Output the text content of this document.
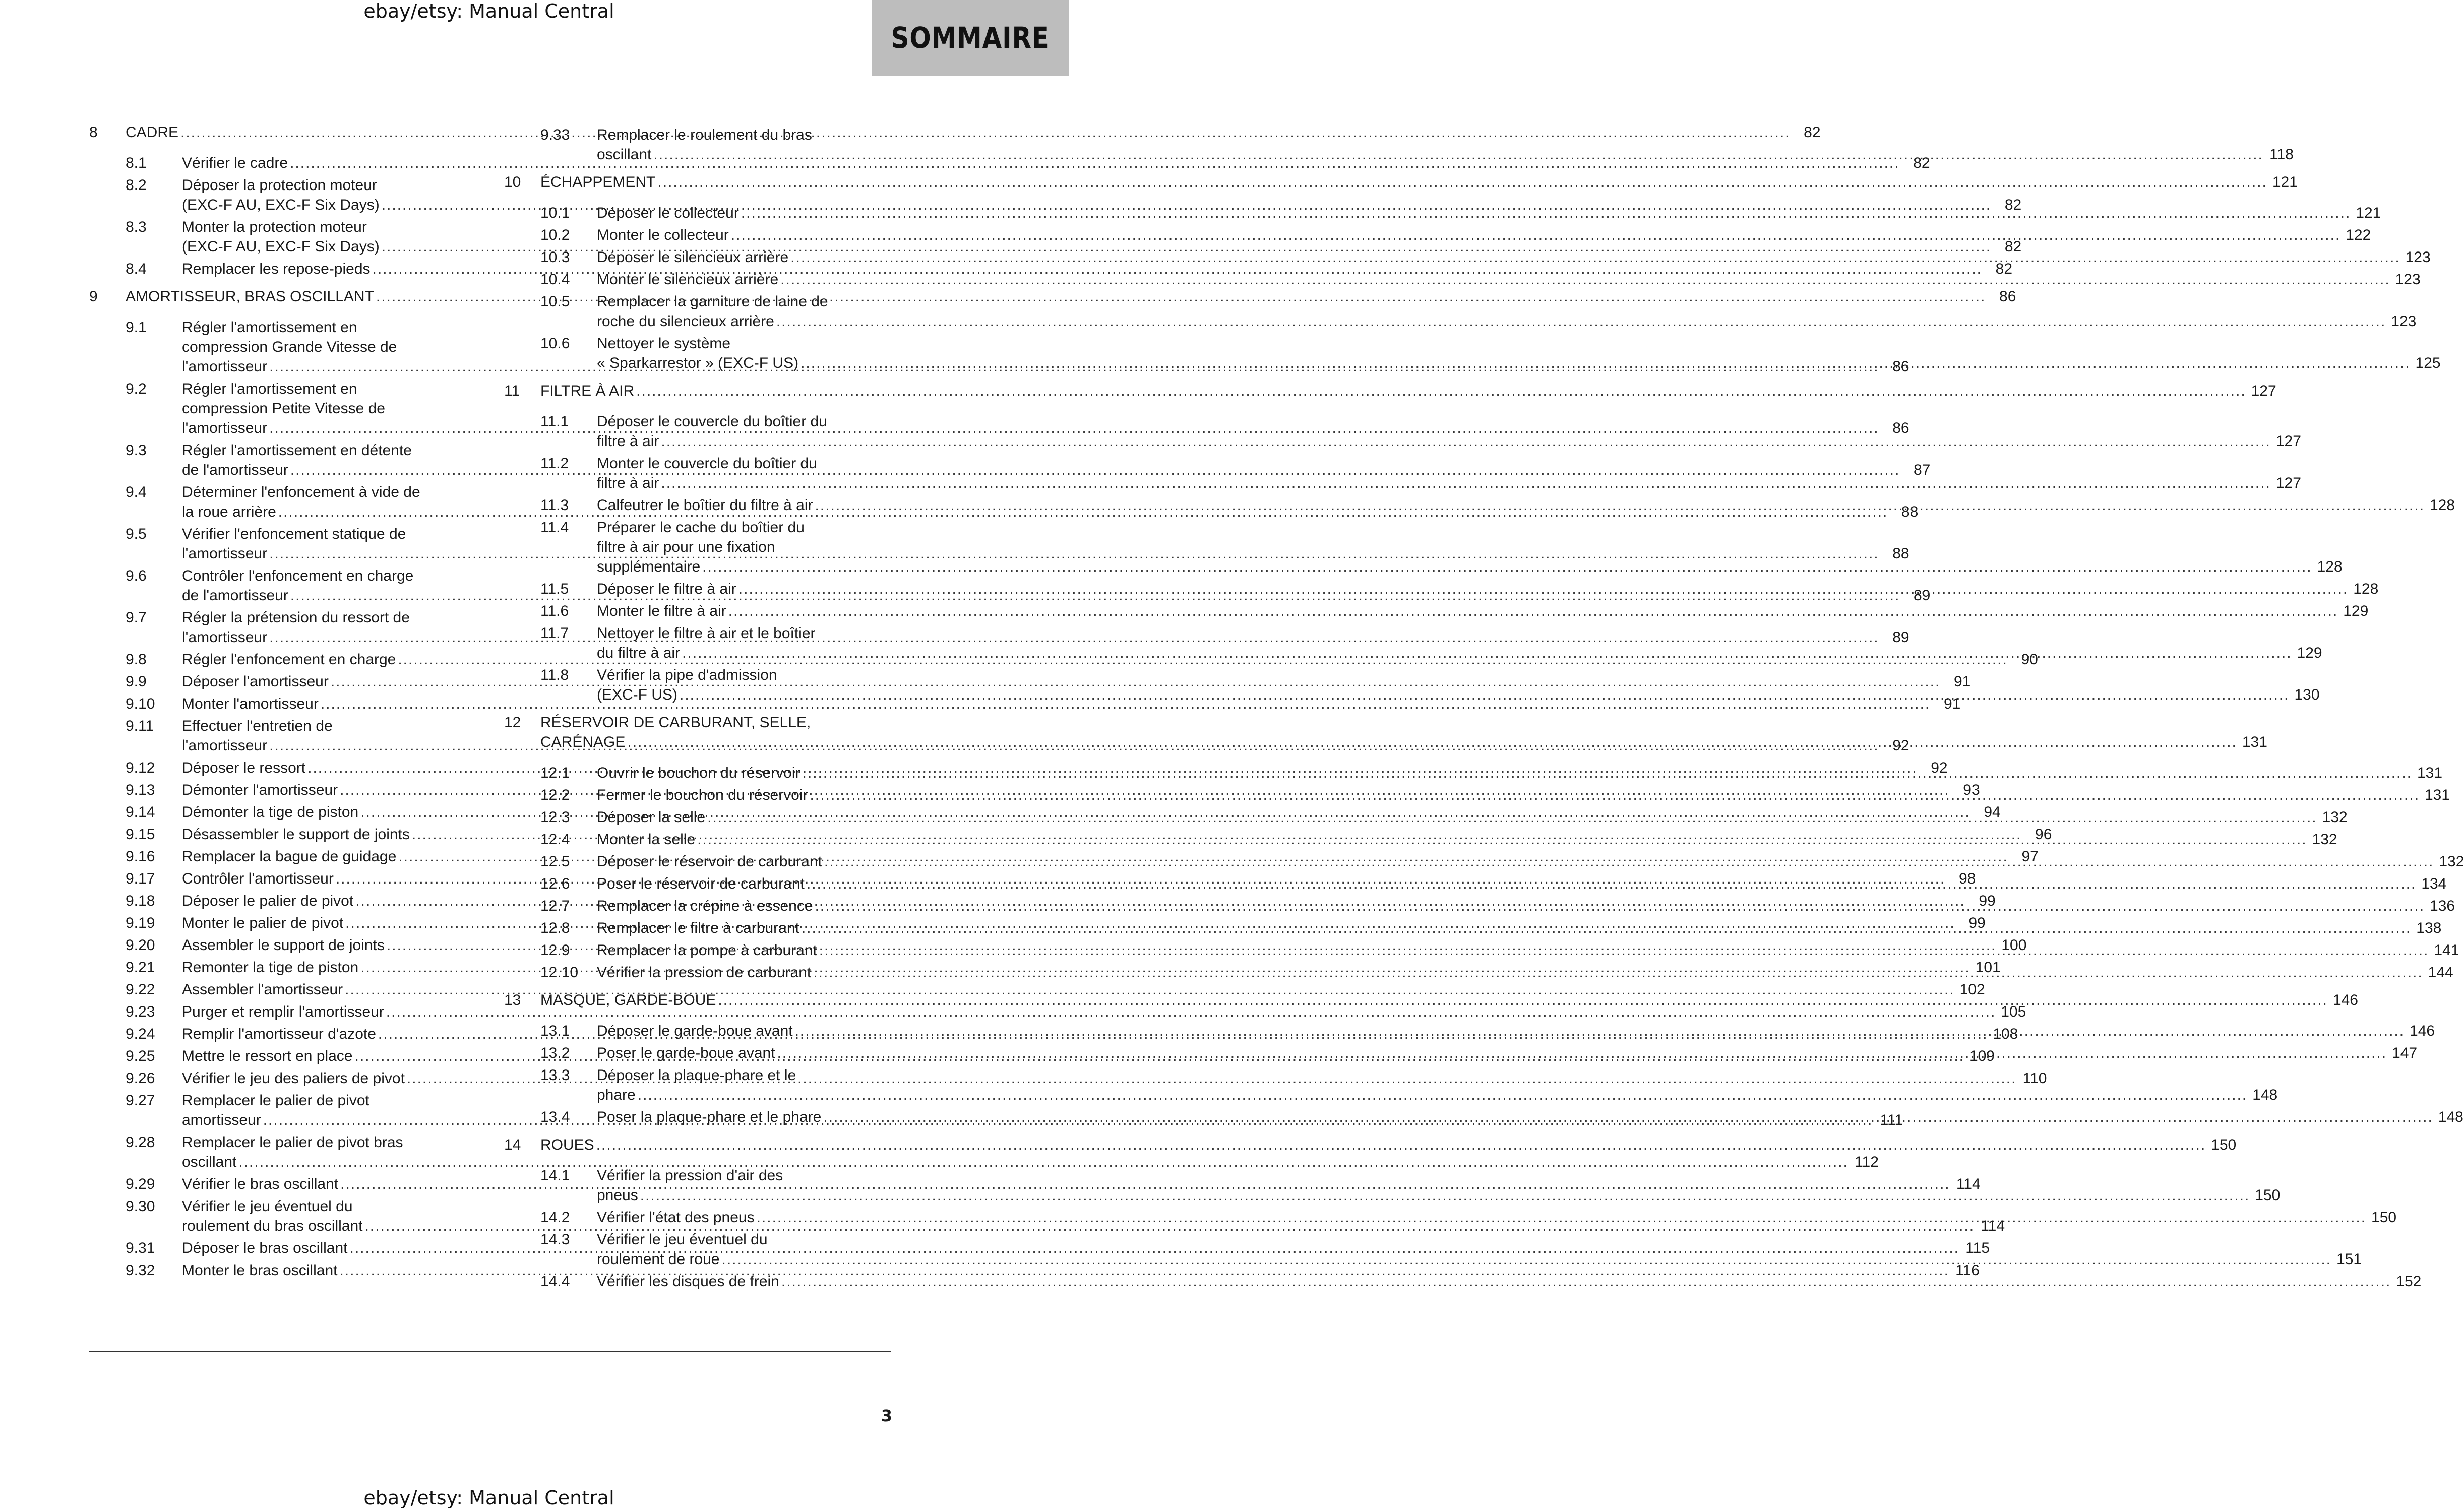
ebay/etsy: Manual Central
SOMMAIRE
8	CADRE .....	82
8.1	Vérifier le cadre .....	82
8.2	Déposer la protection moteur
(EXC-F AU, EXC-F Six Days) .....	82
8.3	Monter la protection moteur
(EXC-F AU, EXC-F Six Days) .....	82
8.4	Remplacer les repose-pieds .....	82
9	AMORTISSEUR, BRAS OSCILLANT .....	86
9.1	Régler l'amortissement en
compression Grande Vitesse de
l'amortisseur .....	86
9.2	Régler l'amortissement en
compression Petite Vitesse de
l'amortisseur .....	86
9.3	Régler l'amortissement en détente
de l'amortisseur .....	87
9.4	Déterminer l'enfoncement à vide de
la roue arrière .....	88
9.5	Vérifier l'enfoncement statique de
l'amortisseur .....	88
9.6	Contrôler l'enfoncement en charge
de l'amortisseur .....	89
9.7	Régler la prétension du ressort de
l'amortisseur .....	89
9.8	Régler l'enfoncement en charge .....	90
9.9	Déposer l'amortisseur .....	91
9.10	Monter l'amortisseur .....	91
9.11	Effectuer l'entretien de
l'amortisseur .....	92
9.12	Déposer le ressort .....	92
9.13	Démonter l'amortisseur .....	93
9.14	Démonter la tige de piston .....	94
9.15	Désassembler le support de joints .....	96
9.16	Remplacer la bague de guidage .....	97
9.17	Contrôler l'amortisseur .....	98
9.18	Déposer le palier de pivot .....	99
9.19	Monter le palier de pivot .....	99
9.20	Assembler le support de joints .....	100
9.21	Remonter la tige de piston .....	101
9.22	Assembler l'amortisseur .....	102
9.23	Purger et remplir l'amortisseur .....	105
9.24	Remplir l'amortisseur d'azote .....	108
9.25	Mettre le ressort en place .....	109
9.26	Vérifier le jeu des paliers de pivot .....	110
9.27	Remplacer le palier de pivot
amortisseur .....	111
9.28	Remplacer le palier de pivot bras
oscillant .....	112
9.29	Vérifier le bras oscillant .....	114
9.30	Vérifier le jeu éventuel du
roulement du bras oscillant .....	114
9.31	Déposer le bras oscillant .....	115
9.32	Monter le bras oscillant .....	116
9.33	Remplacer le roulement du bras
oscillant .....	118
10	ÉCHAPPEMENT .....	121
10.1	Déposer le collecteur .....	121
10.2	Monter le collecteur .....	122
10.3	Déposer le silencieux arrière .....	123
10.4	Monter le silencieux arrière .....	123
10.5	Remplacer la garniture de laine de
roche du silencieux arrière .....	123
10.6	Nettoyer le système
« Sparkarrestor » (EXC-F US) .....	125
11	FILTRE À AIR .....	127
11.1	Déposer le couvercle du boîtier du
filtre à air .....	127
11.2	Monter le couvercle du boîtier du
filtre à air .....	127
11.3	Calfeutrer le boîtier du filtre à air .....	128
11.4	Préparer le cache du boîtier du
filtre à air pour une fixation
supplémentaire .....	128
11.5	Déposer le filtre à air .....	128
11.6	Monter le filtre à air .....	129
11.7	Nettoyer le filtre à air et le boîtier
du filtre à air .....	129
11.8	Vérifier la pipe d'admission
(EXC-F US) .....	130
12	RÉSERVOIR DE CARBURANT, SELLE,
CARÉNAGE .....	131
12.1	Ouvrir le bouchon du réservoir .....	131
12.2	Fermer le bouchon du réservoir .....	131
12.3	Déposer la selle .....	132
12.4	Monter la selle .....	132
12.5	Déposer le réservoir de carburant .....	132
12.6	Poser le réservoir de carburant .....	134
12.7	Remplacer la crépine à essence .....	136
12.8	Remplacer le filtre à carburant .....	138
12.9	Remplacer la pompe à carburant .....	141
12.10	Vérifier la pression de carburant .....	144
13	MASQUE, GARDE-BOUE .....	146
13.1	Déposer le garde-boue avant .....	146
13.2	Poser le garde-boue avant .....	147
13.3	Déposer la plaque-phare et le
phare .....	148
13.4	Poser la plaque-phare et le phare .....	148
14	ROUES .....	150
14.1	Vérifier la pression d'air des
pneus .....	150
14.2	Vérifier l'état des pneus .....	150
14.3	Vérifier le jeu éventuel du
roulement de roue .....	151
14.4	Vérifier les disques de frein .....	152
3
ebay/etsy: Manual Central
